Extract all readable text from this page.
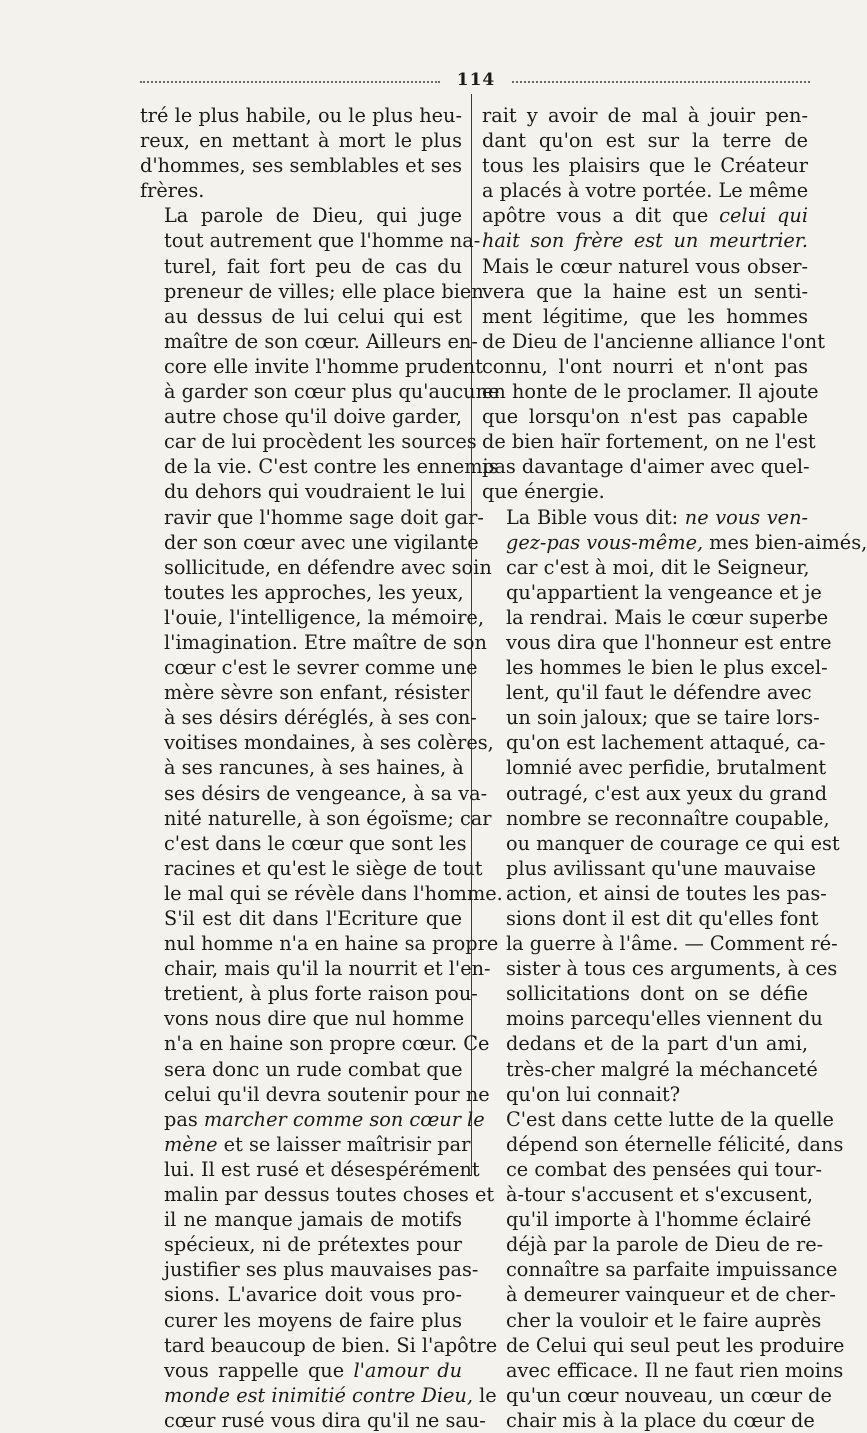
114

tré le plus habile, ou le plus heu-
reux, en mettant à mort le plus
d'hommes, ses semblables et ses
frères.

La parole de Dieu, qui juge
tout autrement que l'homme na-
turel, fait fort peu de cas du
preneur de villes; elle place bien
au dessus de lui celui qui est
maître de son cœur. Ailleurs en-
core elle invite l'homme prudent
à garder son cœur plus qu'aucune
autre chose qu'il doive garder,
car de lui procèdent les sources
de la vie. C'est contre les ennemis
du dehors qui voudraient le lui
ravir que l'homme sage doit gar-
der son cœur avec une vigilante
sollicitude, en défendre avec soin
toutes les approches, les yeux,
l'ouie, l'intelligence, la mémoire,
l'imagination. Etre maître de son
cœur c'est le sevrer comme une
mère sèvre son enfant, résister
à ses désirs déréglés, à ses con-
voitises mondaines, à ses colères,
à ses rancunes, à ses haines, à
ses désirs de vengeance, à sa va-
nité naturelle, à son égoïsme; car
c'est dans le cœur que sont les
racines et qu'est le siège de tout
le mal qui se révèle dans l'homme.

S'il est dit dans l'Ecriture que
nul homme n'a en haine sa propre
chair, mais qu'il la nourrit et l'en-
tretient, à plus forte raison pou-
vons nous dire que nul homme
n'a en haine son propre cœur. Ce
sera donc un rude combat que
celui qu'il devra soutenir pour ne
pas marcher comme son cœur le
mène et se laisser maîtrisir par
lui. Il est rusé et désespérément
malin par dessus toutes choses et
il ne manque jamais de motifs
spécieux, ni de prétextes pour
justifier ses plus mauvaises pas-
sions. L'avarice doit vous pro-
curer les moyens de faire plus
tard beaucoup de bien. Si l'apôtre
vous rappelle que l'amour du
monde est inimitié contre Dieu, le
cœur rusé vous dira qu'il ne sau-

rait y avoir de mal à jouir pen-
dant qu'on est sur la terre de
tous les plaisirs que le Créateur
a placés à votre portée. Le même
apôtre vous a dit que celui qui
hait son frère est un meurtrier.
Mais le cœur naturel vous obser-
vera que la haine est un senti-
ment légitime, que les hommes
de Dieu de l'ancienne alliance l'ont
connu, l'ont nourri et n'ont pas
en honte de le proclamer. Il ajoute
que lorsqu'on n'est pas capable
de bien haïr fortement, on ne l'est
pas davantage d'aimer avec quel-
que énergie.

La Bible vous dit: ne vous ven-
gez-pas vous-même, mes bien-aimés,
car c'est à moi, dit le Seigneur,
qu'appartient la vengeance et je
la rendrai. Mais le cœur superbe
vous dira que l'honneur est entre
les hommes le bien le plus excel-
lent, qu'il faut le défendre avec
un soin jaloux; que se taire lors-
qu'on est lachement attaqué, ca-
lomnié avec perfidie, brutalment
outragé, c'est aux yeux du grand
nombre se reconnaître coupable,
ou manquer de courage ce qui est
plus avilissant qu'une mauvaise
action, et ainsi de toutes les pas-
sions dont il est dit qu'elles font
la guerre à l'âme. — Comment ré-
sister à tous ces arguments, à ces
sollicitations dont on se défie
moins parcequ'elles viennent du
dedans et de la part d'un ami,
très-cher malgré la méchanceté
qu'on lui connait?

C'est dans cette lutte de la quelle
dépend son éternelle félicité, dans
ce combat des pensées qui tour-
à-tour s'accusent et s'excusent,
qu'il importe à l'homme éclairé
déjà par la parole de Dieu de re-
connaître sa parfaite impuissance
à demeurer vainqueur et de cher-
cher la vouloir et le faire auprès
de Celui qui seul peut les produire
avec efficace. Il ne faut rien moins
qu'un cœur nouveau, un cœur de
chair mis à la place du cœur de
